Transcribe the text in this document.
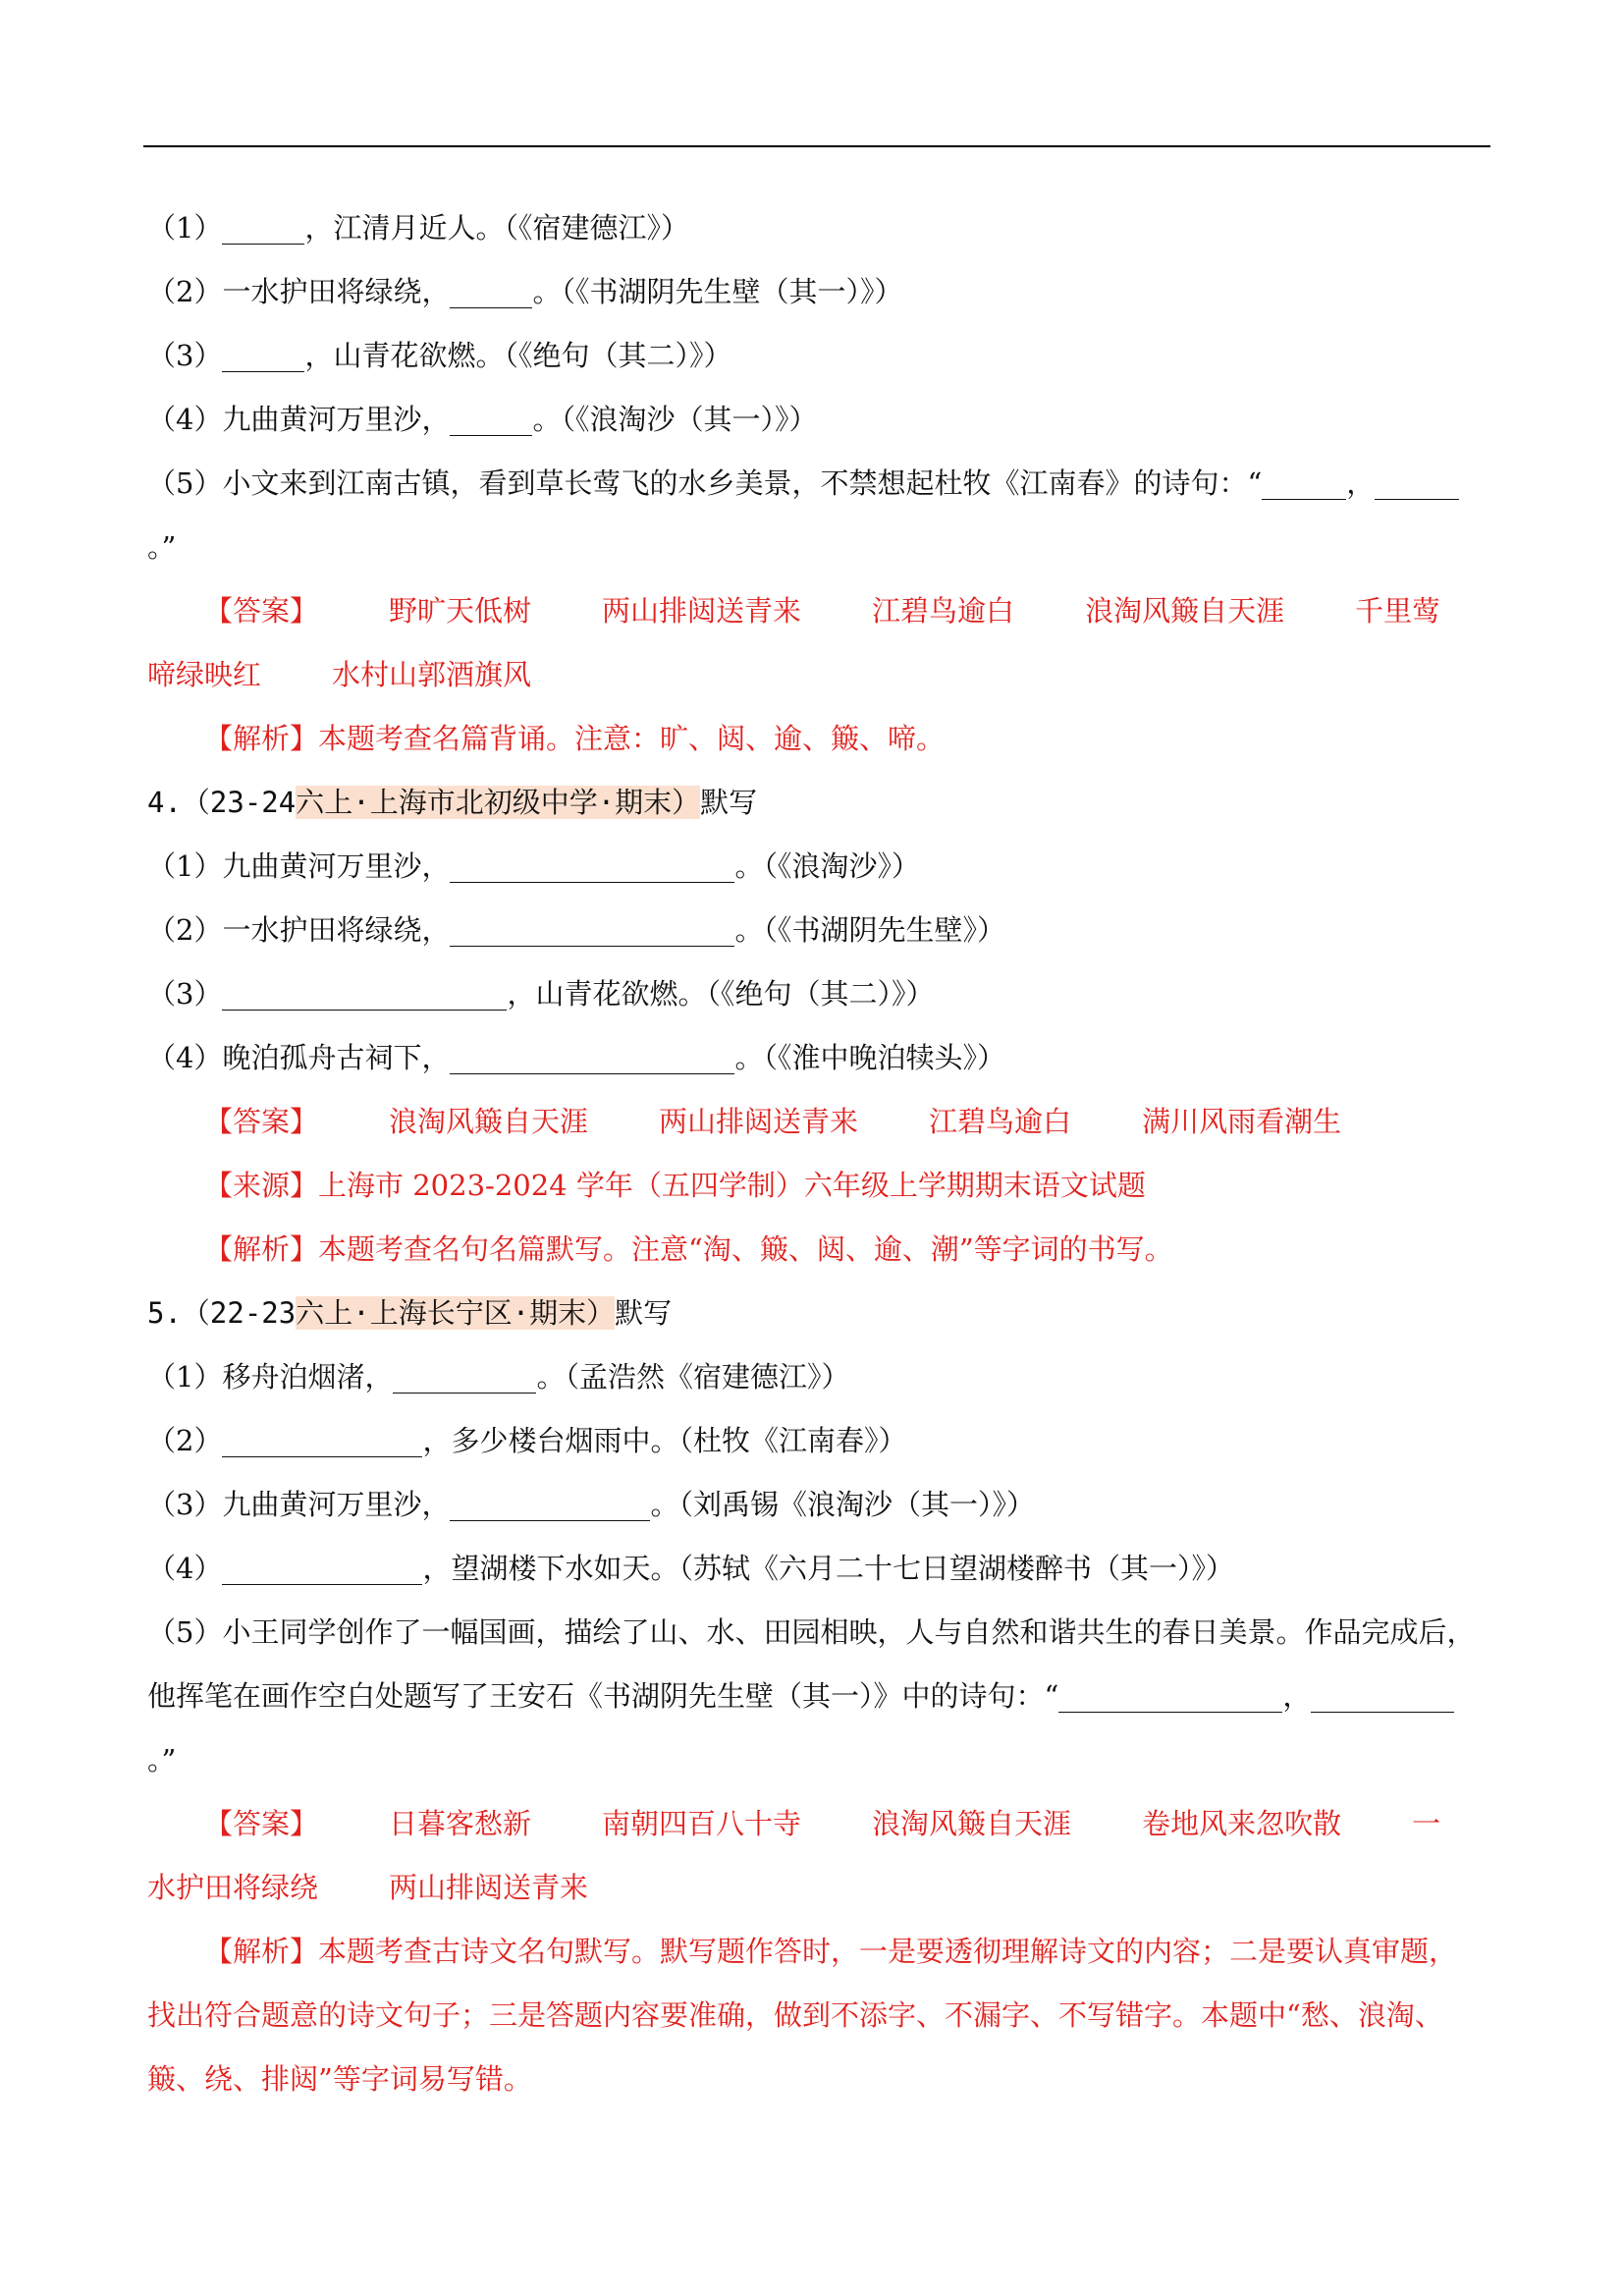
（1）	，江清月近人。（《宿建德江》）
（2）一水护田将绿绕，	。（《书湖阴先生壁（其一）》）
（3）	，山青花欲燃。（《绝句（其二）》）
（4）九曲黄河万里沙，	。（《浪淘沙（其一）》）
（5）小文来到江南古镇，看到草长莺飞的水乡美景，不禁想起杜牧《江南春》的诗句：“	，
。”
【答案】 野旷天低树 两山排闼送青来 江碧鸟逾白 浪淘风簸自天涯 千里莺
啼绿映红 水村山郭酒旗风
【解析】本题考查名篇背诵。注意：旷、闼、逾、簸、啼。
4.（23-24六上·上海市北初级中学·期末）默写
（1）九曲黄河万里沙，	。（《浪淘沙》）
（2）一水护田将绿绕，	。（《书湖阴先生壁》）
（3）	，山青花欲燃。（《绝句（其二）》）
（4）晚泊孤舟古祠下，	。（《淮中晚泊犊头》）
【答案】 浪淘风簸自天涯 两山排闼送青来 江碧鸟逾白 满川风雨看潮生
【来源】上海市 2023-2024 学年（五四学制）六年级上学期期末语文试题
【解析】本题考查名句名篇默写。注意“淘、簸、闼、逾、潮”等字词的书写。
5.（22-23六上·上海长宁区·期末）默写
（1）移舟泊烟渚，	。（孟浩然《宿建德江》）
（2）	，多少楼台烟雨中。（杜牧《江南春》）
（3）九曲黄河万里沙，	。（刘禹锡《浪淘沙（其一）》）
（4）	，望湖楼下水如天。（苏轼《六月二十七日望湖楼醉书（其一）》）
（5）小王同学创作了一幅国画，描绘了山、水、田园相映，人与自然和谐共生的春日美景。作品完成后，
他挥笔在画作空白处题写了王安石《书湖阴先生壁（其一）》中的诗句：“	，
。”
【答案】 日暮客愁新 南朝四百八十寺 浪淘风簸自天涯 卷地风来忽吹散 一
水护田将绿绕 两山排闼送青来
【解析】本题考查古诗文名句默写。默写题作答时，一是要透彻理解诗文的内容；二是要认真审题，
找出符合题意的诗文句子；三是答题内容要准确，做到不添字、不漏字、不写错字。本题中“愁、浪淘、
簸、绕、排闼”等字词易写错。
